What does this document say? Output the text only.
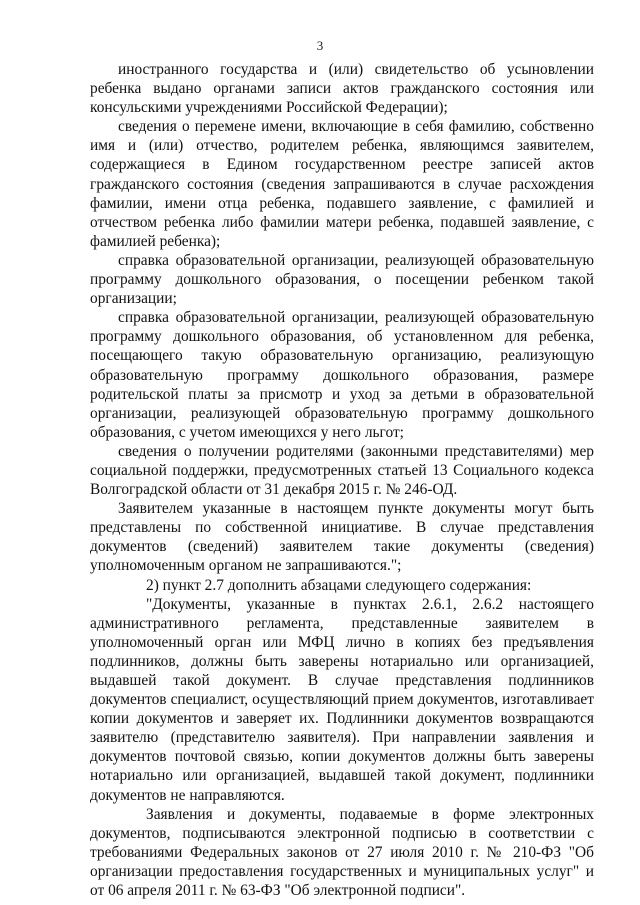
3

иностранного государства и (или) свидетельство об усыновлении ребенка выдано органами записи актов гражданского состояния или консульскими учреждениями Российской Федерации);

сведения о перемене имени, включающие в себя фамилию, собственно имя и (или) отчество, родителем ребенка, являющимся заявителем, содержащиеся в Едином государственном реестре записей актов гражданского состояния (сведения запрашиваются в случае расхождения фамилии, имени отца ребенка, подавшего заявление, с фамилией и отчеством ребенка либо фамилии матери ребенка, подавшей заявление, с фамилией ребенка);

справка образовательной организации, реализующей образовательную программу дошкольного образования, о посещении ребенком такой организации;

справка образовательной организации, реализующей образовательную программу дошкольного образования, об установленном для ребенка, посещающего такую образовательную организацию, реализующую образовательную программу дошкольного образования, размере родительской платы за присмотр и уход за детьми в образовательной организации, реализующей образовательную программу дошкольного образования, с учетом имеющихся у него льгот;

сведения о получении родителями (законными представителями) мер социальной поддержки, предусмотренных статьей 13 Социального кодекса Волгоградской области от 31 декабря 2015 г. № 246-ОД.

Заявителем указанные в настоящем пункте документы могут быть представлены по собственной инициативе. В случае представления документов (сведений) заявителем такие документы (сведения) уполномоченным органом не запрашиваются.";

2) пункт 2.7 дополнить абзацами следующего содержания:

"Документы, указанные в пунктах 2.6.1, 2.6.2 настоящего административного регламента, представленные заявителем в уполномоченный орган или МФЦ лично в копиях без предъявления подлинников, должны быть заверены нотариально или организацией, выдавшей такой документ. В случае представления подлинников документов специалист, осуществляющий прием документов, изготавливает копии документов и заверяет их. Подлинники документов возвращаются заявителю (представителю заявителя). При направлении заявления и документов почтовой связью, копии документов должны быть заверены нотариально или организацией, выдавшей такой документ, подлинники документов не направляются.

Заявления и документы, подаваемые в форме электронных документов, подписываются электронной подписью в соответствии с требованиями Федеральных законов от 27 июля 2010 г. № 210-ФЗ "Об организации предоставления государственных и муниципальных услуг" и от 06 апреля 2011 г. № 63-ФЗ "Об электронной подписи".
